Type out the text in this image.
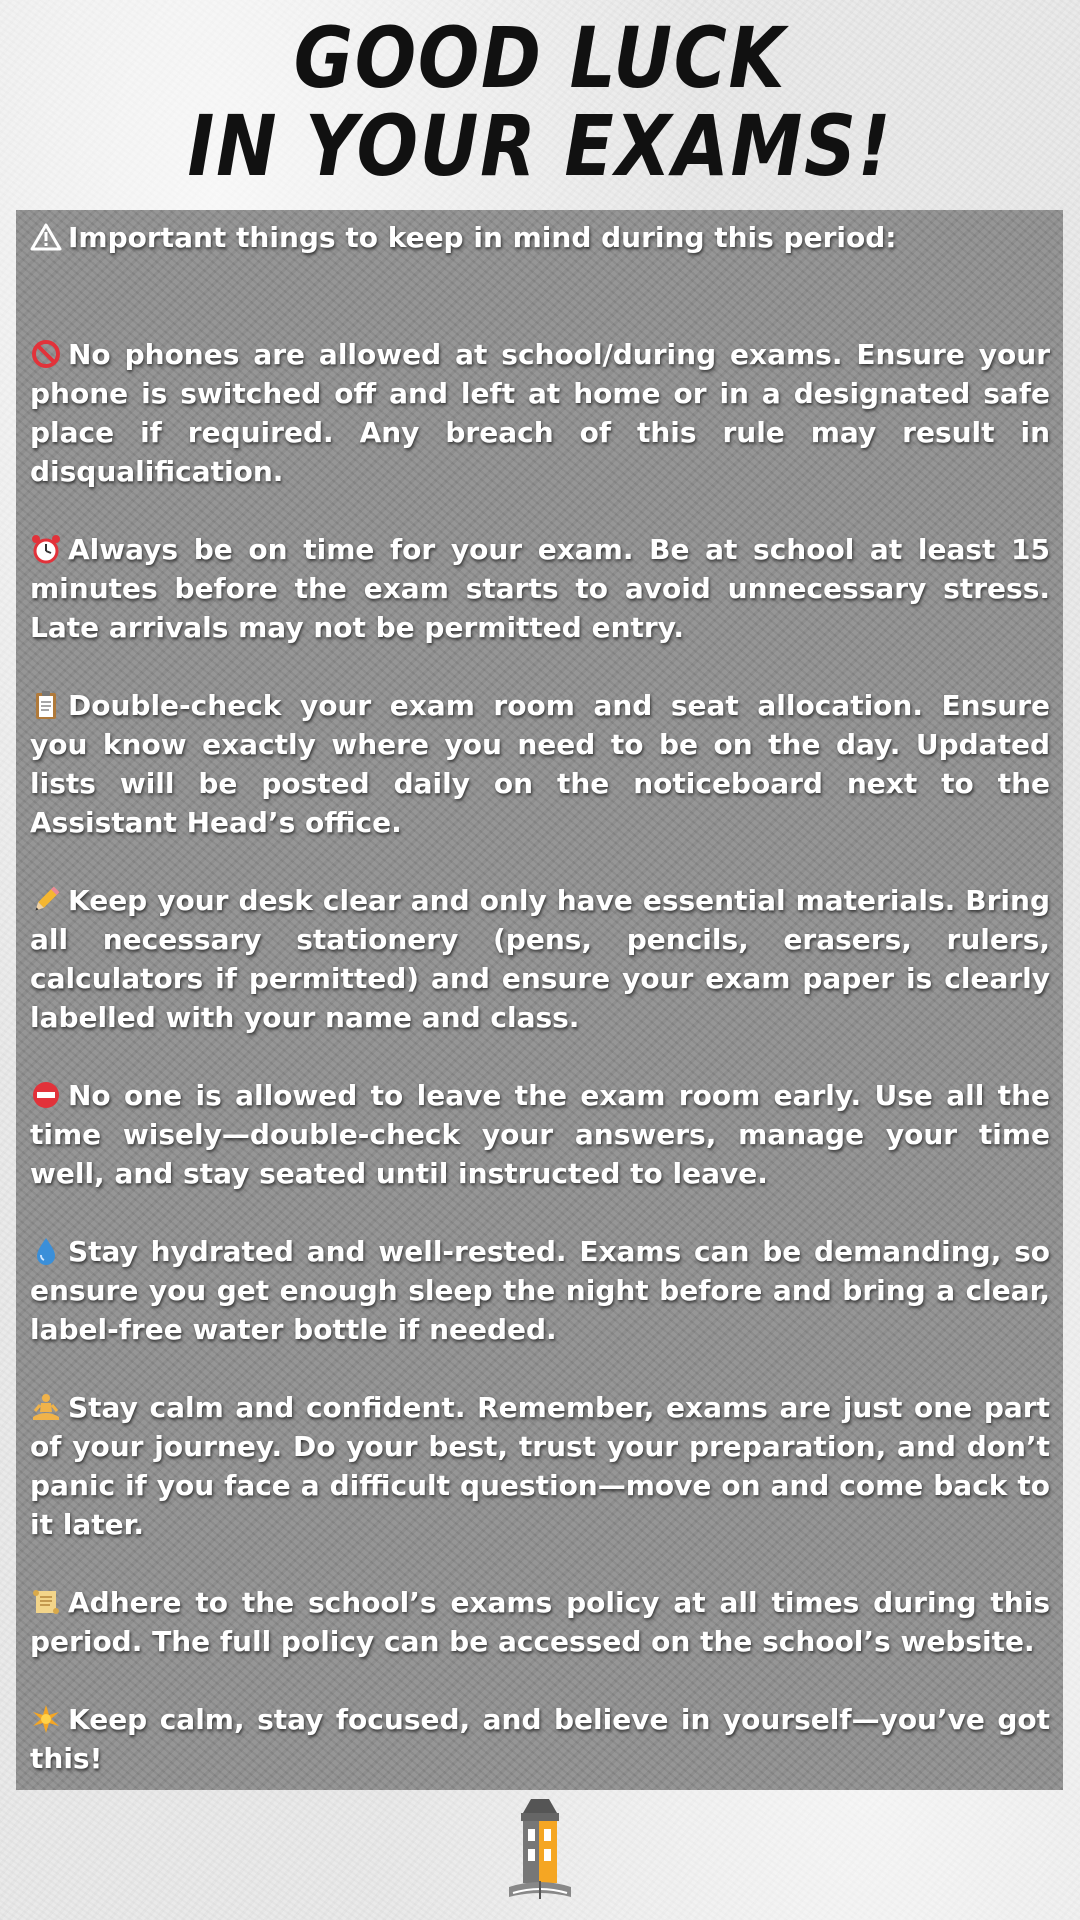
GOOD LUCK
IN YOUR EXAMS!
Important things to keep in mind during this period:
No phones are allowed at school/during exams. Ensure your phone is switched off and left at home or in a designated safe place if required. Any breach of this rule may result in disqualification.
Always be on time for your exam. Be at school at least 15 minutes before the exam starts to avoid unnecessary stress. Late arrivals may not be permitted entry.
Double-check your exam room and seat allocation. Ensure you know exactly where you need to be on the day. Updated lists will be posted daily on the noticeboard next to the Assistant Head’s office.
Keep your desk clear and only have essential materials. Bring all necessary stationery (pens, pencils, erasers, rulers, calculators if permitted) and ensure your exam paper is clearly labelled with your name and class.
No one is allowed to leave the exam room early. Use all the time wisely—double-check your answers, manage your time well, and stay seated until instructed to leave.
Stay hydrated and well-rested. Exams can be demanding, so ensure you get enough sleep the night before and bring a clear, label-free water bottle if needed.
Stay calm and confident. Remember, exams are just one part of your journey. Do your best, trust your preparation, and don’t panic if you face a difficult question—move on and come back to it later.
Adhere to the school’s exams policy at all times during this period. The full policy can be accessed on the school’s website.
Keep calm, stay focused, and believe in yourself—you’ve got this!
